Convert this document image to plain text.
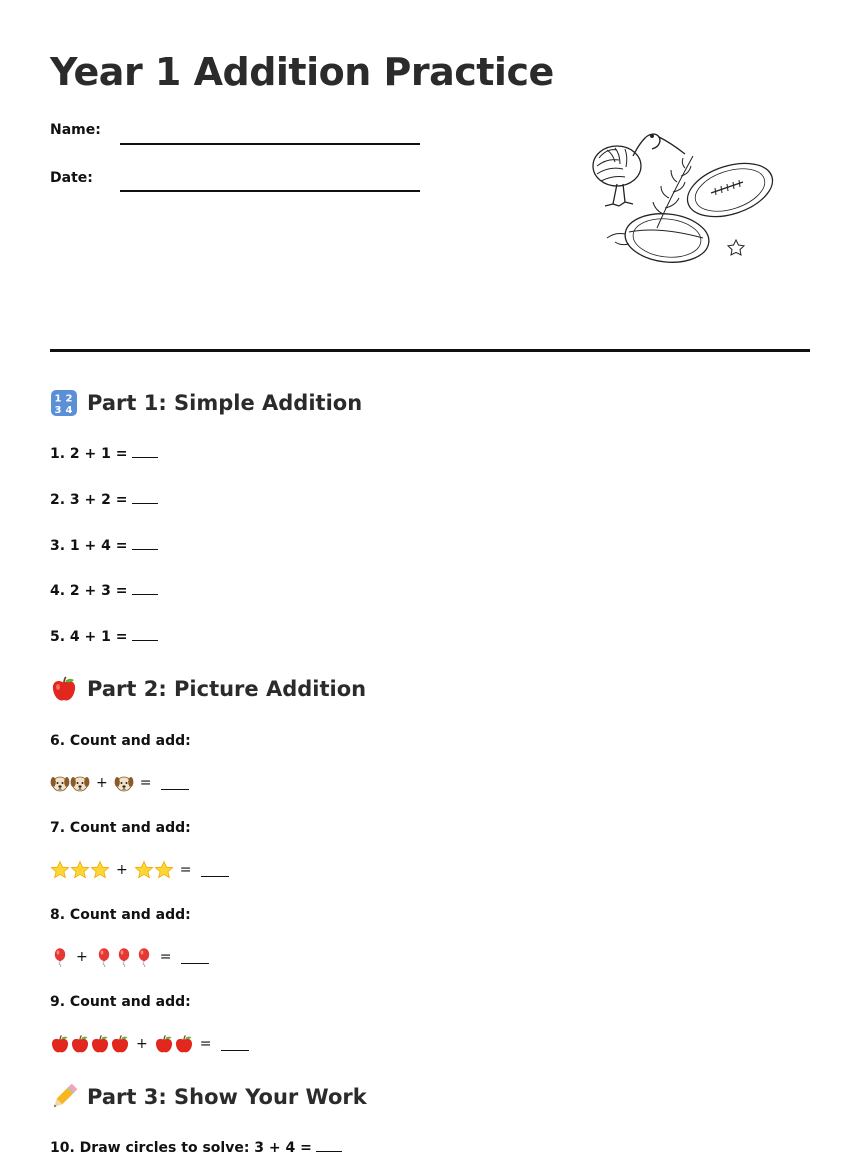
Year 1 Addition Practice
Name:
Date:
1 2
3 4 Part 1: Simple Addition
1. 2 + 1 =
2. 3 + 2 =
3. 1 + 4 =
4. 2 + 3 =
5. 4 + 1 =
Part 2: Picture Addition
6. Count and add:
+ =
7. Count and add:
+	=
8. Count and add:
+	=
9. Count and add:
+	=
Part 3: Show Your Work
10. Draw circles to solve: 3 + 4 =
